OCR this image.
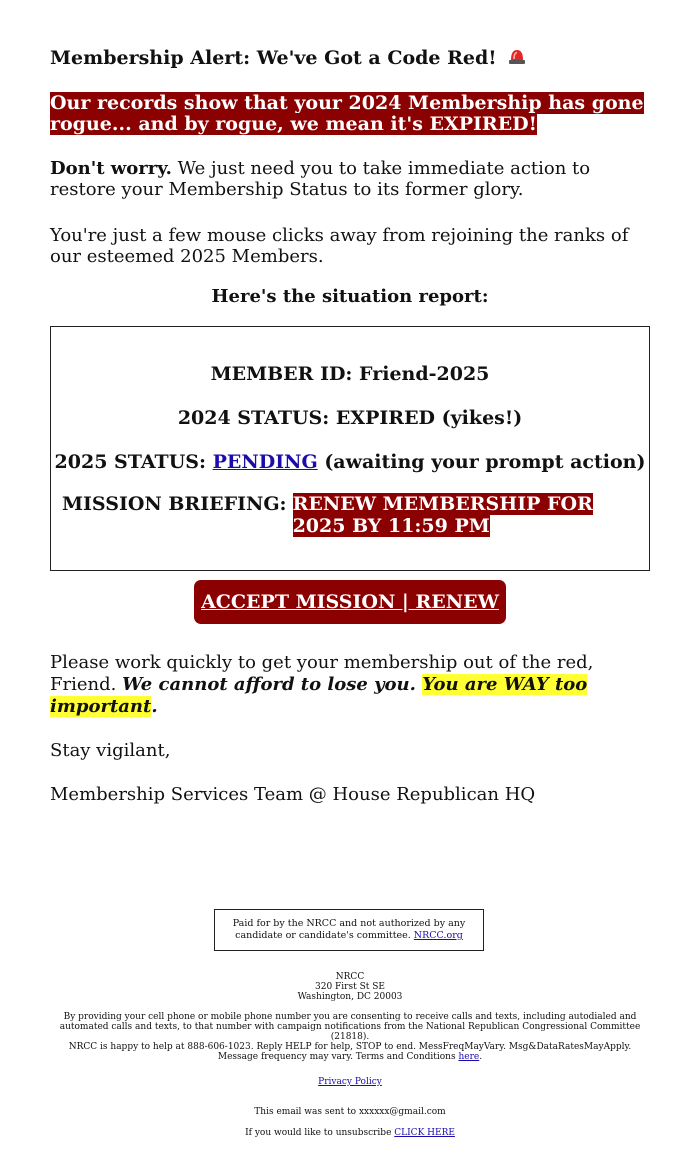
Membership Alert: We've Got a Code Red!

Our records show that your 2024 Membership has gone rogue... and by rogue, we mean it's EXPIRED!

Don't worry. We just need you to take immediate action to restore your Membership Status to its former glory.

You're just a few mouse clicks away from rejoining the ranks of our esteemed 2025 Members.

Here's the situation report:

MEMBER ID: Friend-2025

2024 STATUS: EXPIRED (yikes!)

2025 STATUS: PENDING (awaiting your prompt action)

MISSION BRIEFING: RENEW MEMBERSHIP FOR 2025 BY 11:59 PM
ACCEPT MISSION | RENEW

Please work quickly to get your membership out of the red, Friend. We cannot afford to lose you. You are WAY too important.

Stay vigilant,

Membership Services Team @ House Republican HQ

Paid for by the NRCC and not authorized by any candidate or candidate's committee. NRCC.org

NRCC

320 First St SE

Washington, DC 20003

By providing your cell phone or mobile phone number you are consenting to receive calls and texts, including autodialed and automated calls and texts, to that number with campaign notifications from the National Republican Congressional Committee (21818).

NRCC is happy to help at 888-606-1023. Reply HELP for help, STOP to end. MessFreqMayVary. Msg&DataRatesMayApply. Message frequency may vary. Terms and Conditions here.

Privacy Policy

This email was sent to xxxxxx@gmail.com

If you would like to unsubscribe CLICK HERE
